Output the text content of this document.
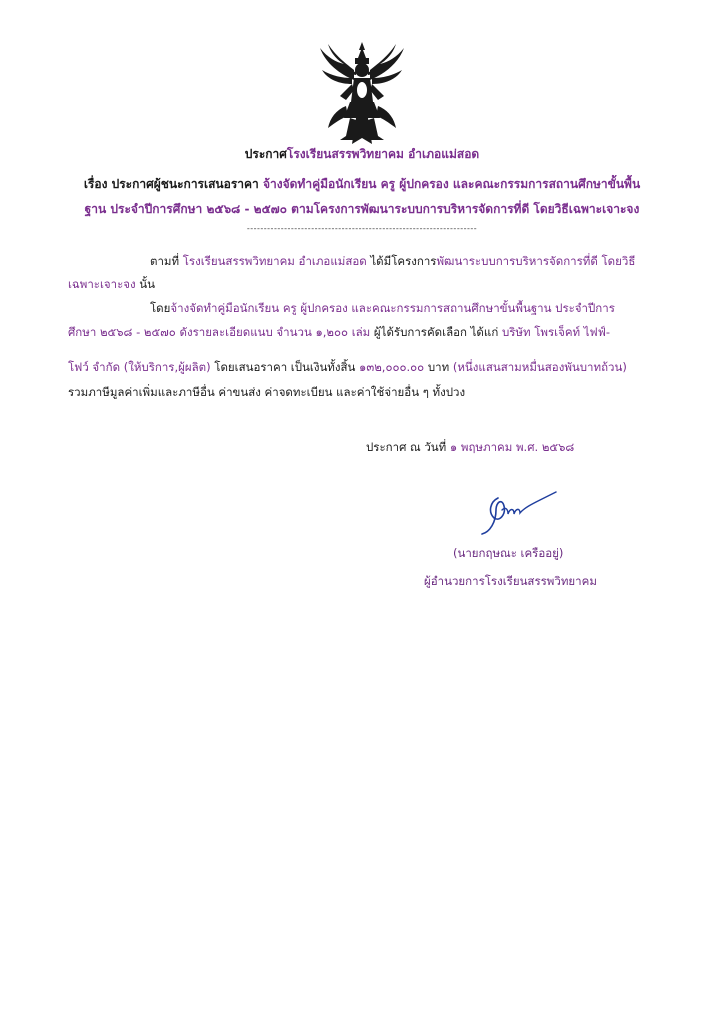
ประกาศโรงเรียนสรรพวิทยาคม อำเภอแม่สอด
เรื่อง ประกาศผู้ชนะการเสนอราคา จ้างจัดทำคู่มือนักเรียน ครู ผู้ปกครอง และคณะกรรมการสถานศึกษาขั้นพื้น
ฐาน ประจำปีการศึกษา ๒๕๖๘ - ๒๕๗๐ ตามโครงการพัฒนาระบบการบริหารจัดการที่ดี โดยวิธีเฉพาะเจาะจง
--------------------------------------------------------------------
ตามที่ โรงเรียนสรรพวิทยาคม อำเภอแม่สอด ได้มีโครงการพัฒนาระบบการบริหารจัดการที่ดี โดยวิธี
เฉพาะเจาะจง นั้น
โดยจ้างจัดทำคู่มือนักเรียน ครู ผู้ปกครอง และคณะกรรมการสถานศึกษาขั้นพื้นฐาน ประจำปีการ
ศึกษา ๒๕๖๘ - ๒๕๗๐ ดังรายละเอียดแนบ จำนวน ๑,๒๐๐ เล่ม ผู้ได้รับการคัดเลือก ได้แก่ บริษัท โพรเจ็คท์ ไฟฟ์-
โฟว์ จำกัด (ให้บริการ,ผู้ผลิต) โดยเสนอราคา เป็นเงินทั้งสิ้น ๑๓๒,๐๐๐.๐๐ บาท (หนึ่งแสนสามหมื่นสองพันบาทถ้วน)
รวมภาษีมูลค่าเพิ่มและภาษีอื่น ค่าขนส่ง ค่าจดทะเบียน และค่าใช้จ่ายอื่น ๆ ทั้งปวง
ประกาศ ณ วันที่ ๑ พฤษภาคม พ.ศ. ๒๕๖๘
(นายกฤษณะ เครืออยู่)
ผู้อำนวยการโรงเรียนสรรพวิทยาคม
